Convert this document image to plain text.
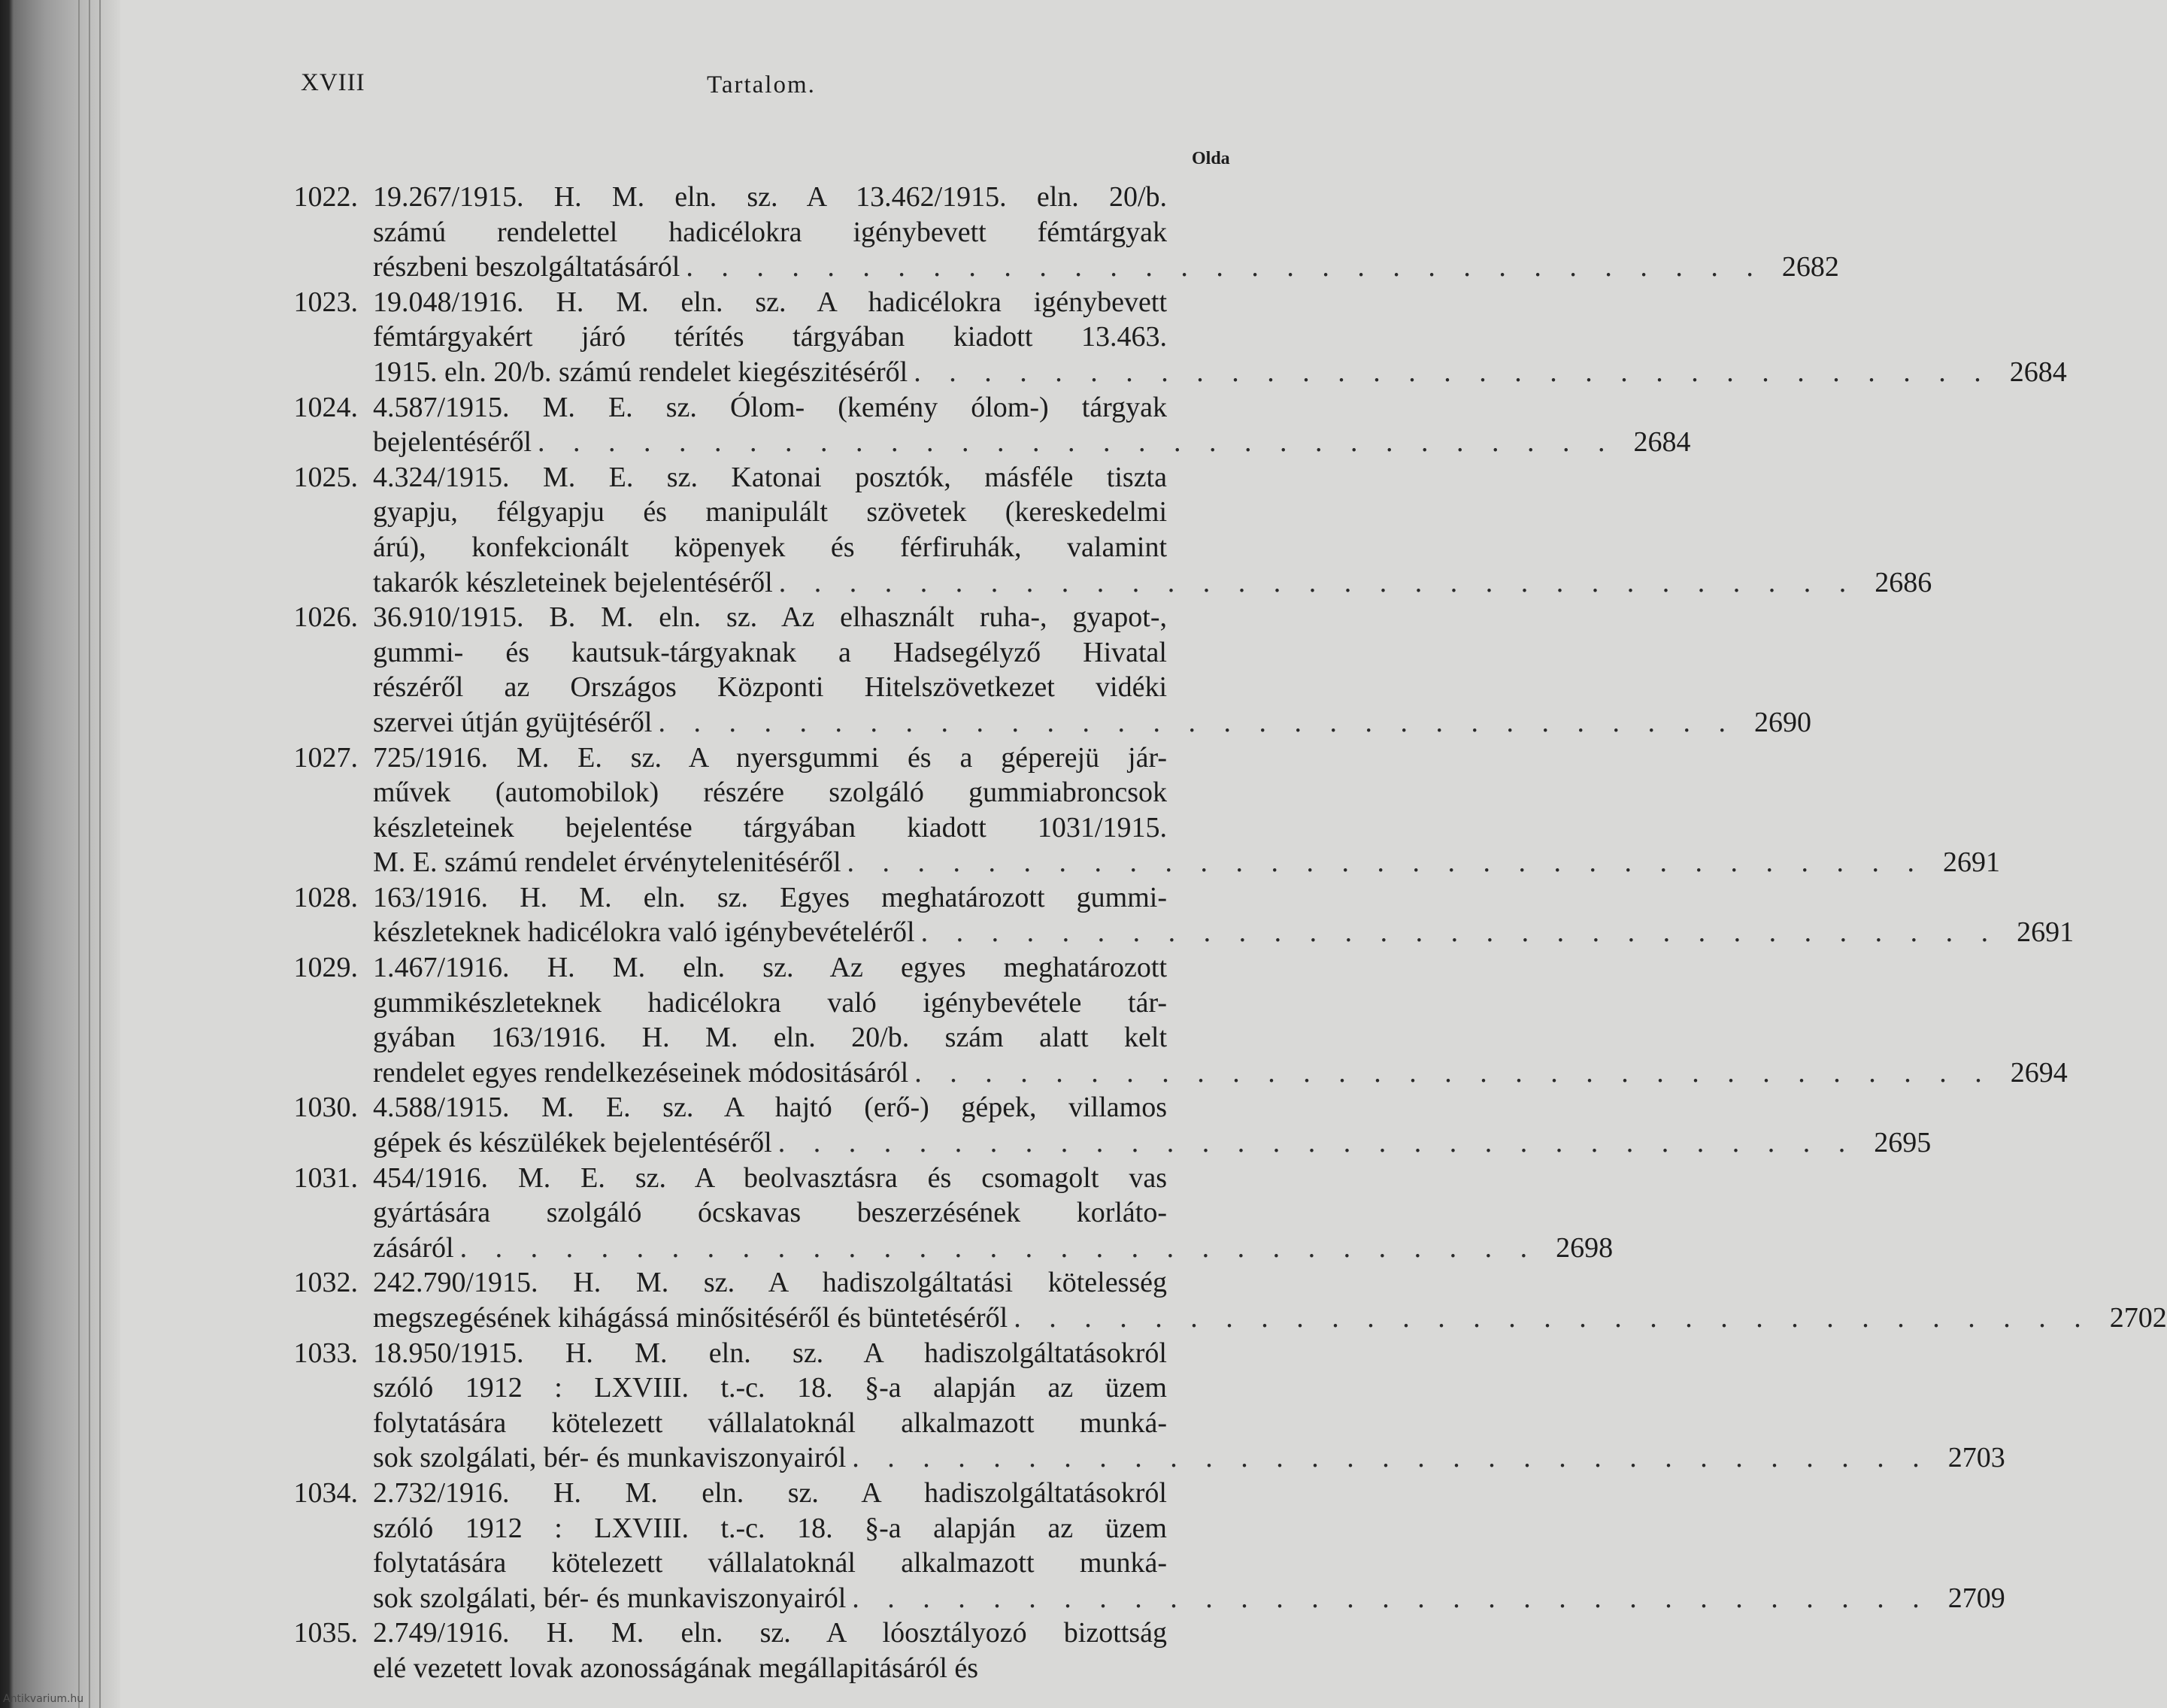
XVIII	Tartalom.
Olda
1022. 19.267/1915. H. M. eln. sz. A 13.462/1915. eln. 20/b.
számú rendelettel hadicélokra igénybevett fémtárgyak
részbeni beszolgáltatásáról . . . . . . . . . . . . . . . . . . . . . . . . . . . . . . . 2682
1023. 19.048/1916. H. M. eln. sz. A hadicélokra igénybevett
fémtárgyakért járó térítés tárgyában kiadott 13.463.
1915. eln. 20/b. számú rendelet kiegészitéséről . . . . . . . . . . . . . . . . . . . . . . . . . . . . . . . 2684
1024. 4.587/1915. M. E. sz. Ólom- (kemény ólom-) tárgyak
bejelentéséről . . . . . . . . . . . . . . . . . . . . . . . . . . . . . . . 2684
1025. 4.324/1915. M. E. sz. Katonai posztók, másféle tiszta
gyapju, félgyapju és manipulált szövetek (kereskedelmi
árú), konfekcionált köpenyek és férfiruhák, valamint
takarók készleteinek bejelentéséről . . . . . . . . . . . . . . . . . . . . . . . . . . . . . . . 2686
1026. 36.910/1915. B. M. eln. sz. Az elhasznált ruha-, gyapot-,
gummi- és kautsuk-tárgyaknak a Hadsegélyző Hivatal
részéről az Országos Központi Hitelszövetkezet vidéki
szervei útján gyüjtéséről . . . . . . . . . . . . . . . . . . . . . . . . . . . . . . . 2690
1027. 725/1916. M. E. sz. A nyersgummi és a géperejü jár-
művek (automobilok) részére szolgáló gummiabroncsok
készleteinek bejelentése tárgyában kiadott 1031/1915.
M. E. számú rendelet érvénytelenitéséről . . . . . . . . . . . . . . . . . . . . . . . . . . . . . . . 2691
1028. 163/1916. H. M. eln. sz. Egyes meghatározott gummi-
készleteknek hadicélokra való igénybevételéről . . . . . . . . . . . . . . . . . . . . . . . . . . . . . . . 2691
1029. 1.467/1916. H. M. eln. sz. Az egyes meghatározott
gummikészleteknek hadicélokra való igénybevétele tár-
gyában 163/1916. H. M. eln. 20/b. szám alatt kelt
rendelet egyes rendelkezéseinek módositásáról . . . . . . . . . . . . . . . . . . . . . . . . . . . . . . . 2694
1030. 4.588/1915. M. E. sz. A hajtó (erő-) gépek, villamos
gépek és készülékek bejelentéséről . . . . . . . . . . . . . . . . . . . . . . . . . . . . . . . 2695
1031. 454/1916. M. E. sz. A beolvasztásra és csomagolt vas
gyártására szolgáló ócskavas beszerzésének korláto-
zásáról . . . . . . . . . . . . . . . . . . . . . . . . . . . . . . . 2698
1032. 242.790/1915. H. M. sz. A hadiszolgáltatási kötelesség
megszegésének kihágássá minősitéséről és büntetéséről . . . . . . . . . . . . . . . . . . . . . . . . . . . . . . . 2702
1033. 18.950/1915. H. M. eln. sz. A hadiszolgáltatásokról
szóló 1912 : LXVIII. t.-c. 18. §-a alapján az üzem
folytatására kötelezett vállalatoknál alkalmazott munká-
sok szolgálati, bér- és munkaviszonyairól . . . . . . . . . . . . . . . . . . . . . . . . . . . . . . . 2703
1034. 2.732/1916. H. M. eln. sz. A hadiszolgáltatásokról
szóló 1912 : LXVIII. t.-c. 18. §-a alapján az üzem
folytatására kötelezett vállalatoknál alkalmazott munká-
sok szolgálati, bér- és munkaviszonyairól . . . . . . . . . . . . . . . . . . . . . . . . . . . . . . . 2709
1035. 2.749/1916. H. M. eln. sz. A lóosztályozó bizottság
elé vezetett lovak azonosságának megállapitásáról és
Antikvarium.hu
